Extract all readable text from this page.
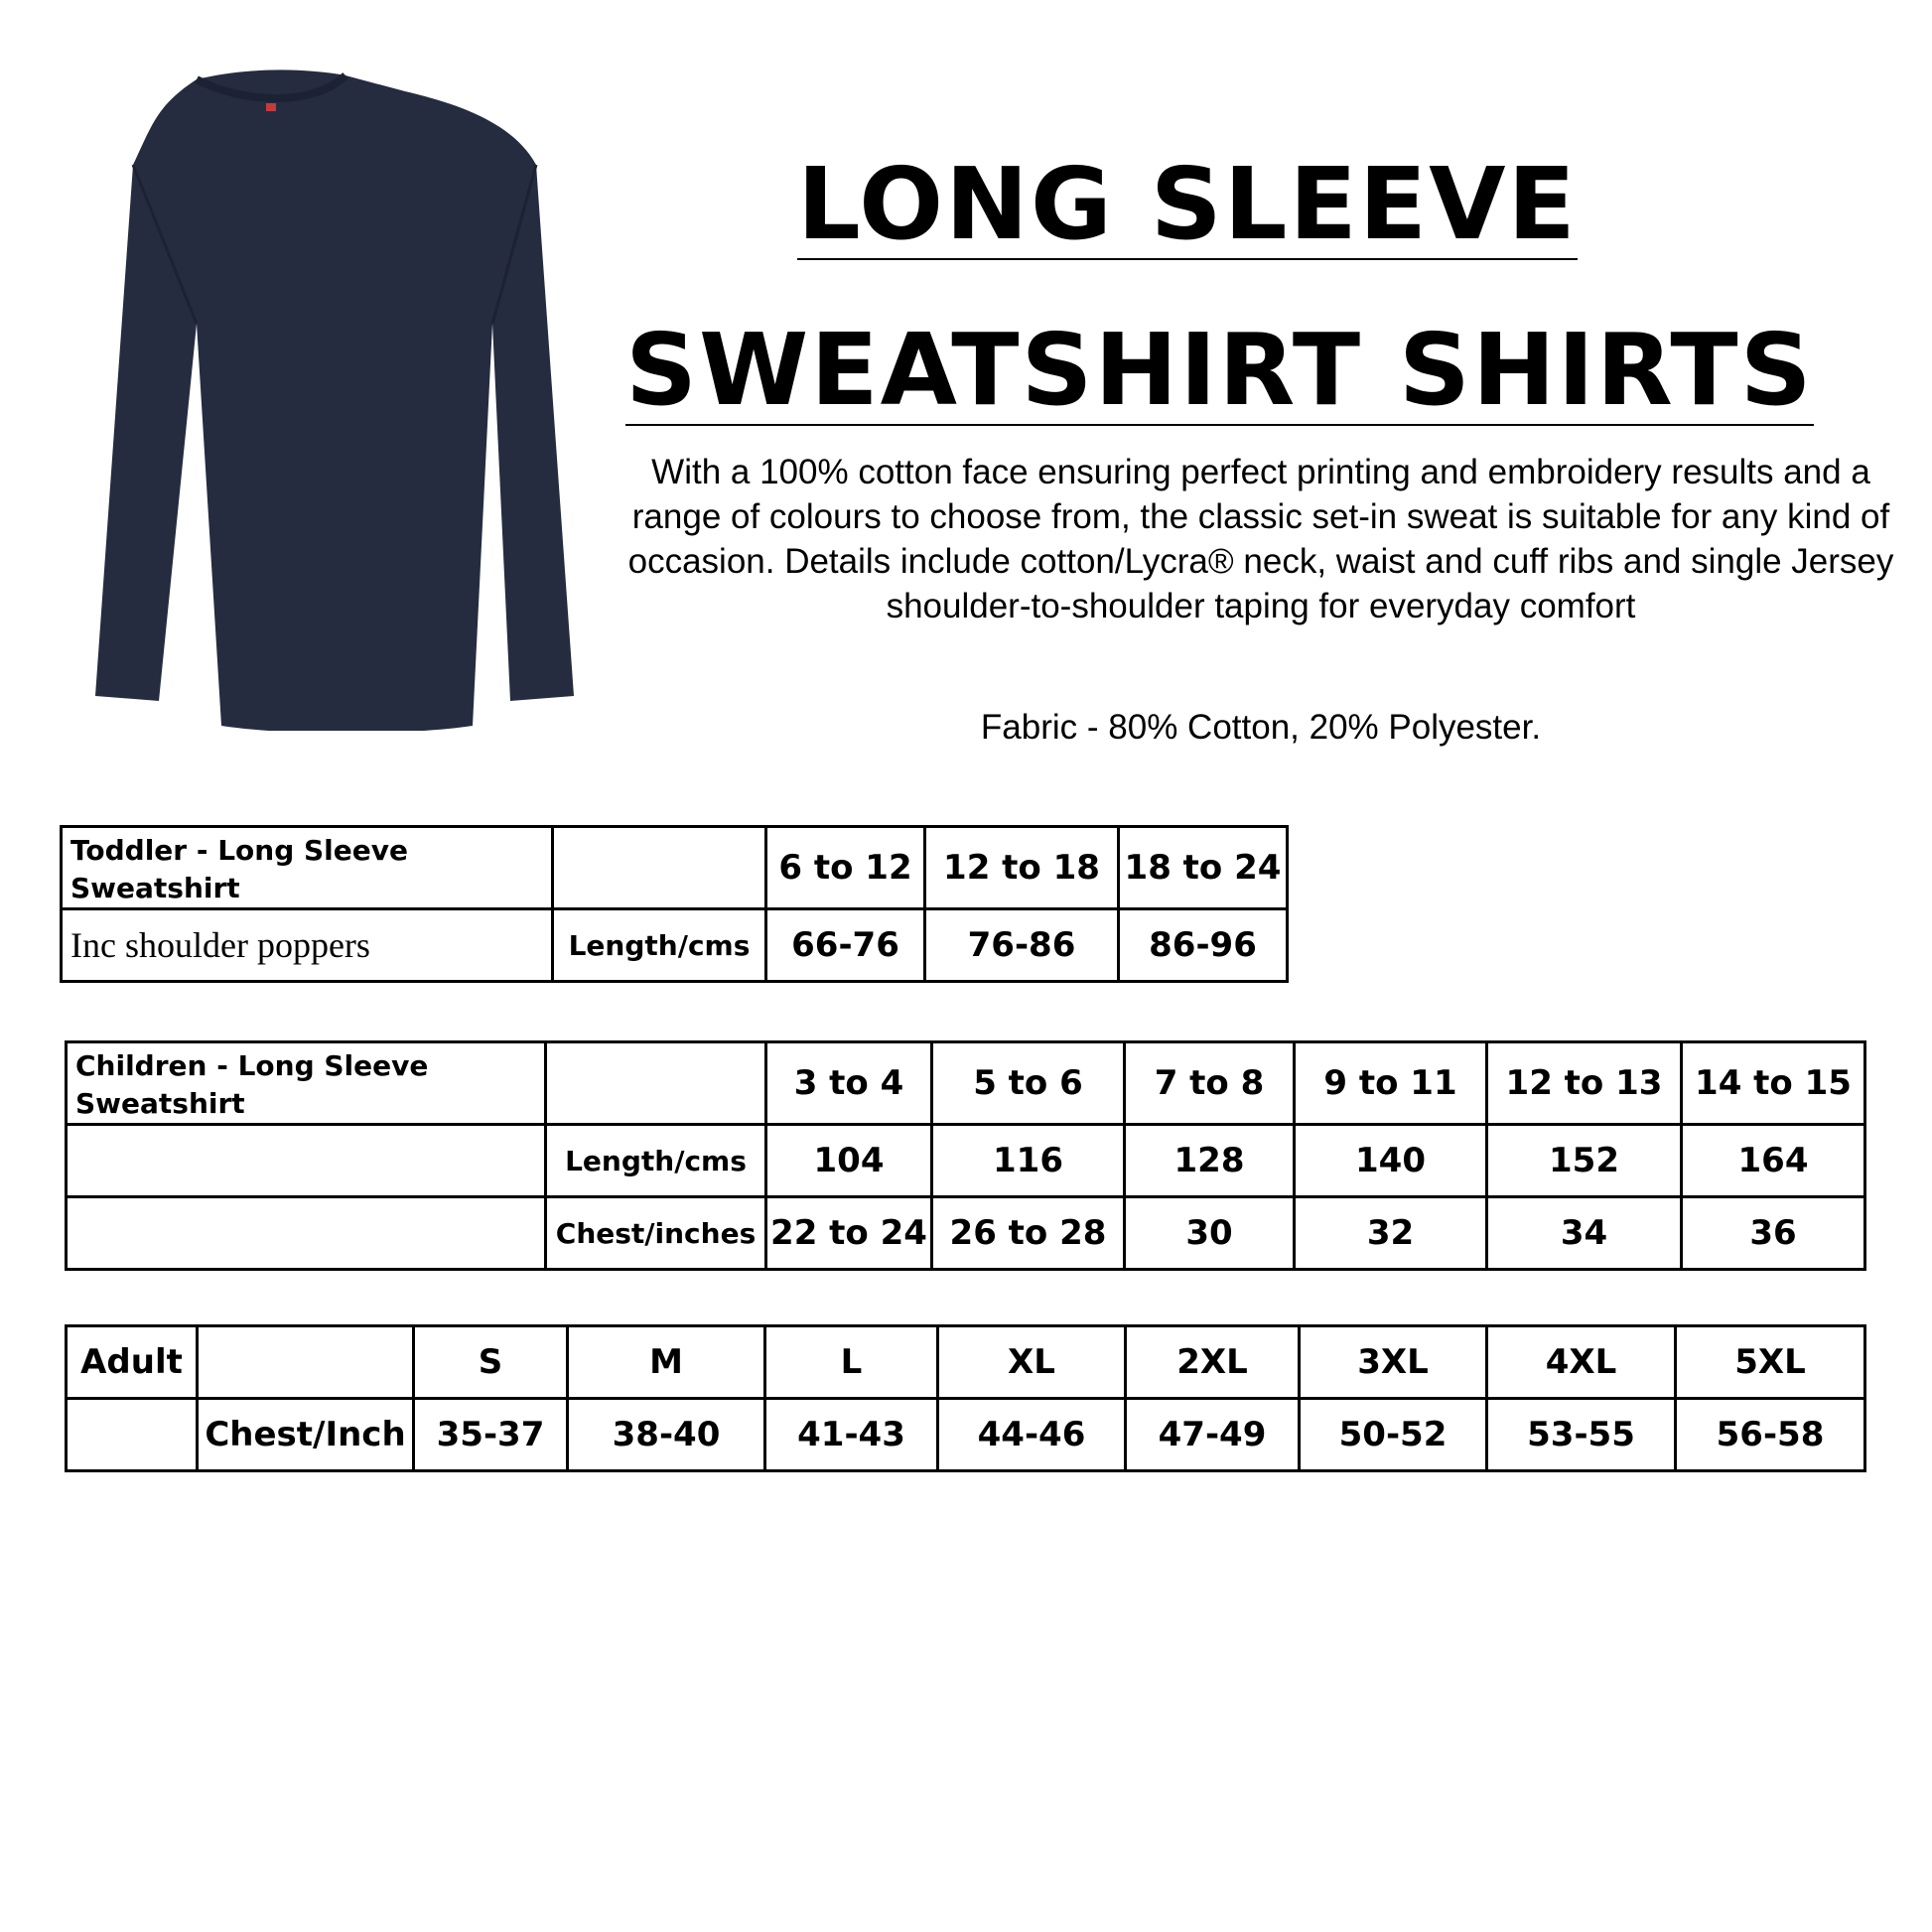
LONG SLEEVE
SWEATSHIRT SHIRTS
With a 100% cotton face ensuring perfect printing and embroidery results and a range of colours to choose from, the classic set-in sweat is suitable for any kind of occasion. Details include cotton/Lycra® neck, waist and cuff ribs and single Jersey shoulder-to-shoulder taping for everyday comfort
Fabric - 80% Cotton, 20% Polyester.
Toddler - Long Sleeve Sweatshirt		6 to 12	12 to 18	18 to 24
Inc shoulder poppers	Length/cms	66-76	76-86	86-96
Children - Long Sleeve Sweatshirt		3 to 4	5 to 6	7 to 8	9 to 11	12 to 13	14 to 15
	Length/cms	104	116	128	140	152	164
	Chest/inches	22 to 24	26 to 28	30	32	34	36
Adult		S	M	L	XL	2XL	3XL	4XL	5XL
	Chest/Inch	35-37	38-40	41-43	44-46	47-49	50-52	53-55	56-58
